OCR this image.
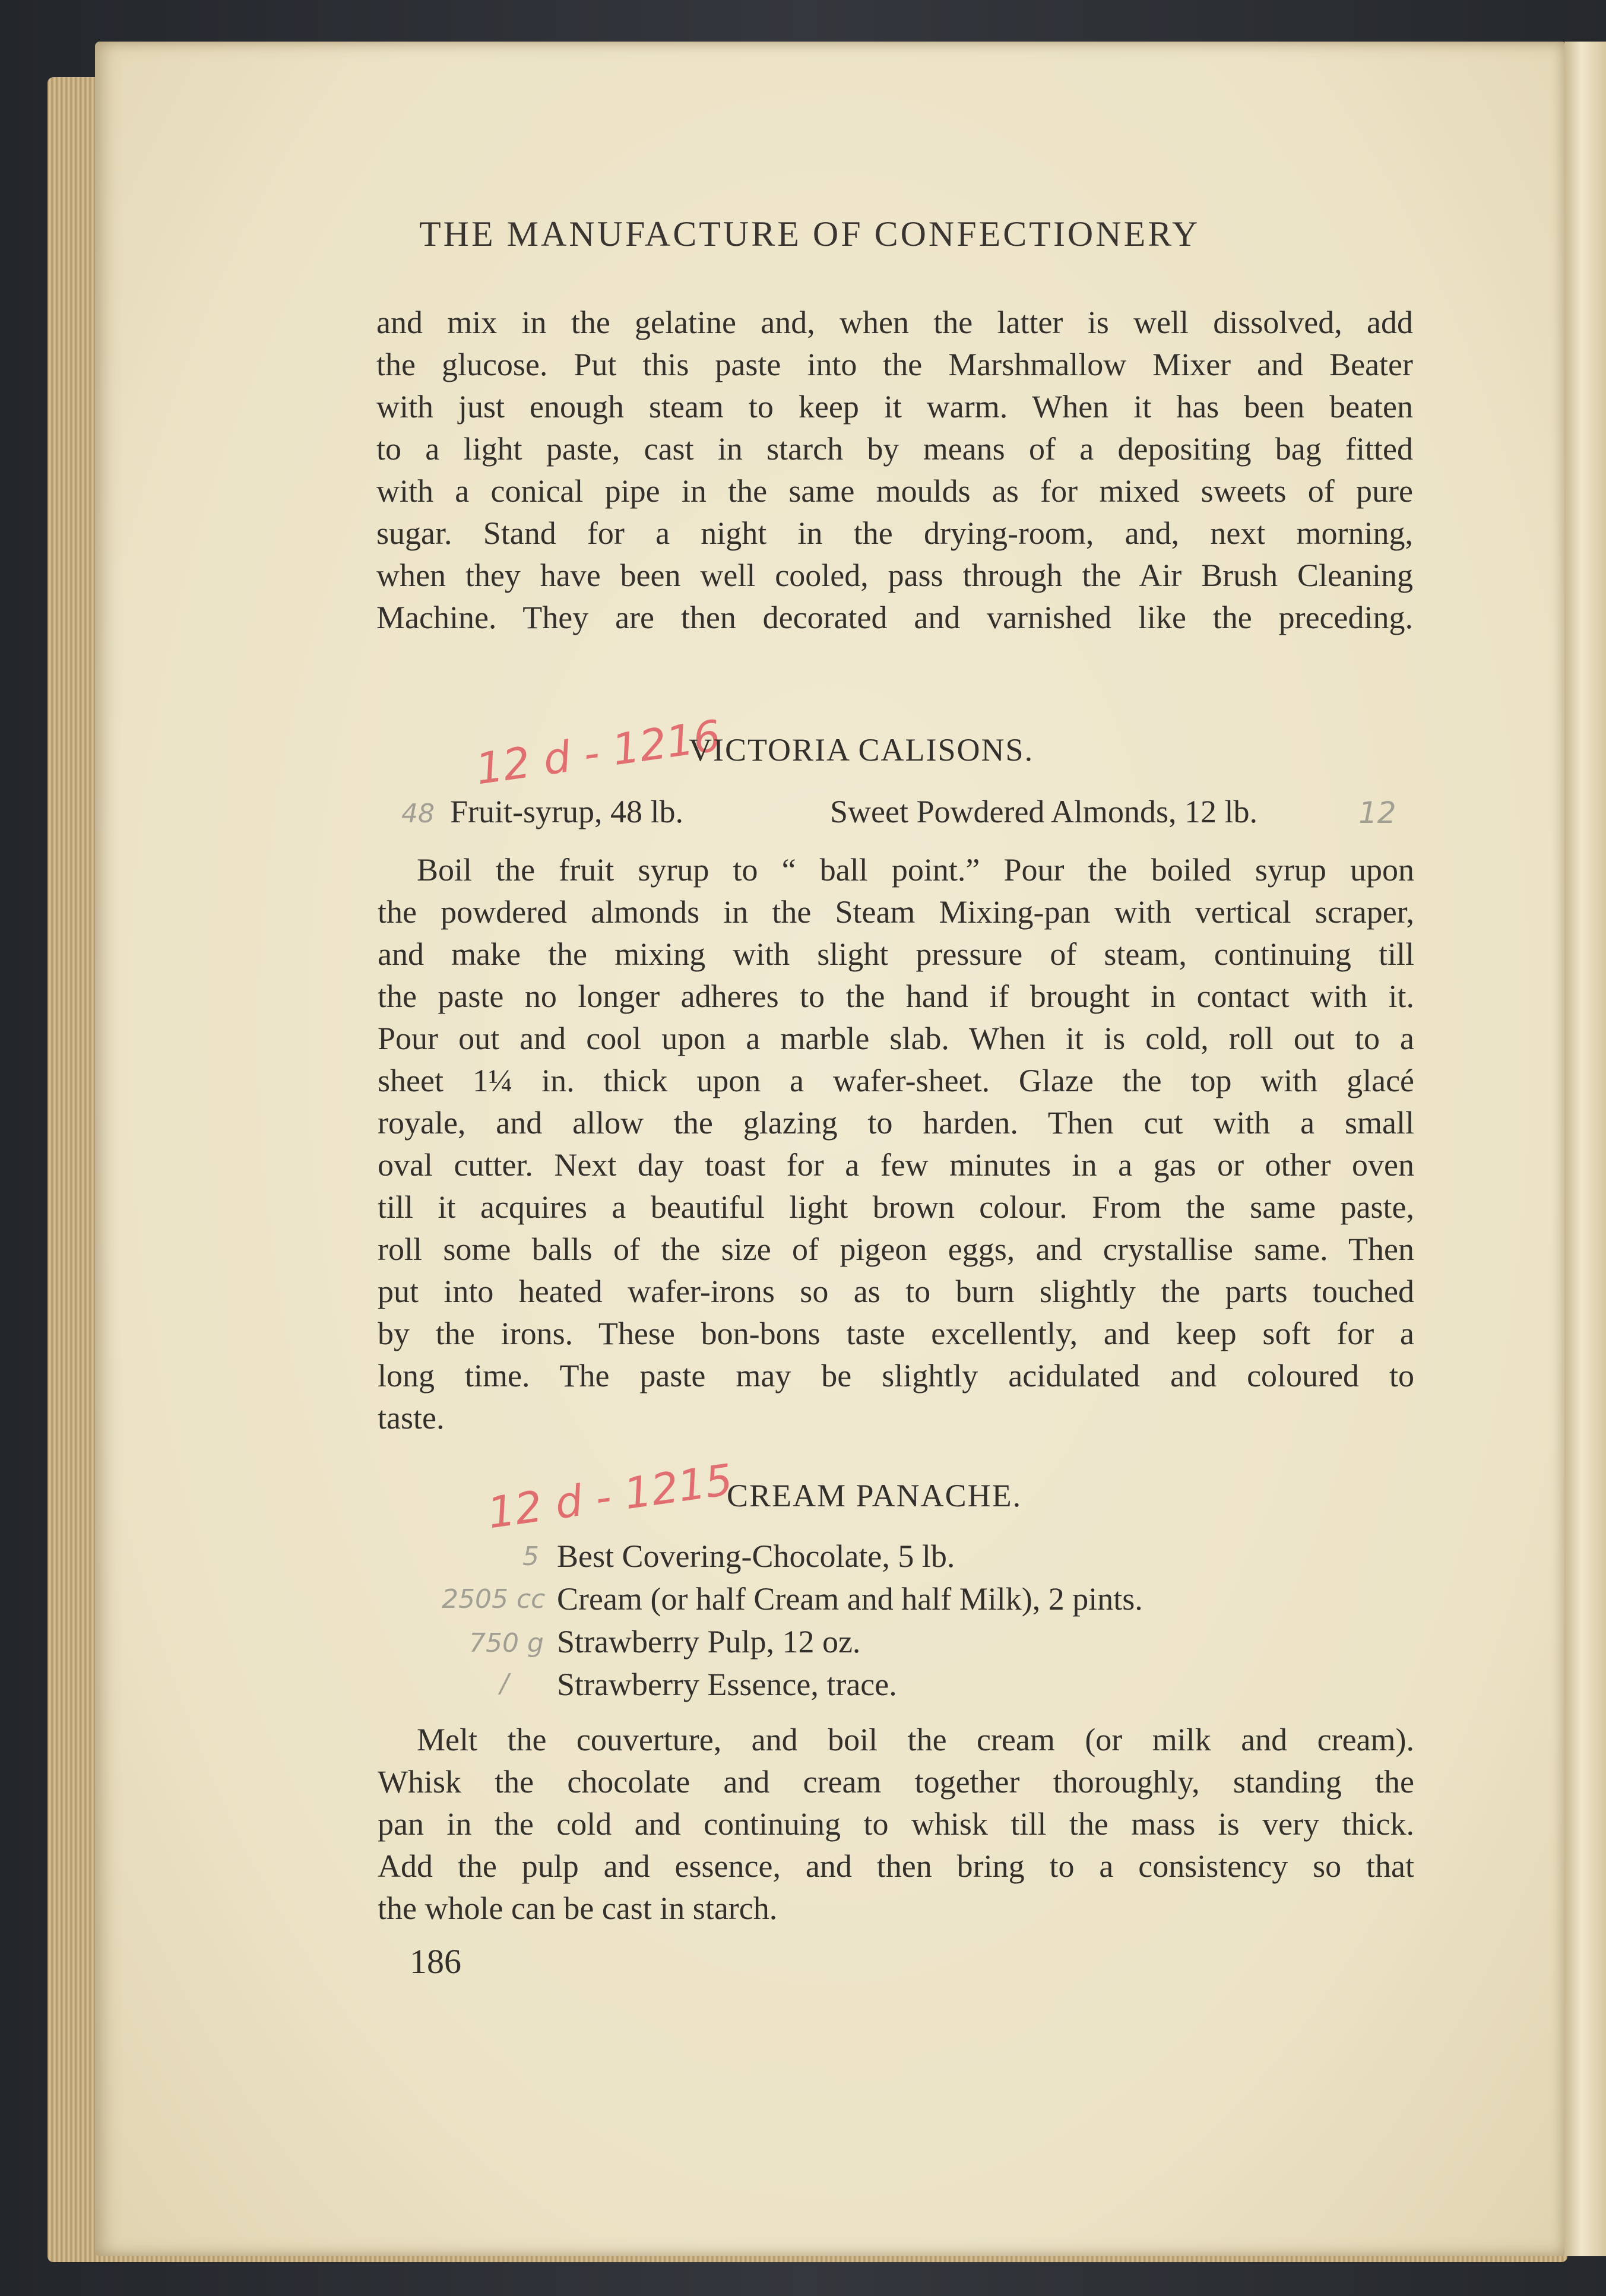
THE MANUFACTURE OF CONFECTIONERY
and mix in the gelatine and, when the latter is well dissolved, add
the glucose. Put this paste into the Marshmallow Mixer and Beater
with just enough steam to keep it warm. When it has been beaten
to a light paste, cast in starch by means of a depositing bag fitted
with a conical pipe in the same moulds as for mixed sweets of pure
sugar. Stand for a night in the drying-room, and, next morning,
when they have been well cooled, pass through the Air Brush Cleaning
Machine. They are then decorated and varnished like the preceding.
12 d - 1216
VICTORIA CALISONS.
48 Fruit-syrup, 48 lb.	Sweet Powdered Almonds, 12 lb.	12
Boil the fruit syrup to “ ball point.” Pour the boiled syrup upon
the powdered almonds in the Steam Mixing-pan with vertical scraper,
and make the mixing with slight pressure of steam, continuing till
the paste no longer adheres to the hand if brought in contact with it.
Pour out and cool upon a marble slab. When it is cold, roll out to a
sheet 1¼ in. thick upon a wafer-sheet. Glaze the top with glacé
royale, and allow the glazing to harden. Then cut with a small
oval cutter. Next day toast for a few minutes in a gas or other oven
till it acquires a beautiful light brown colour. From the same paste,
roll some balls of the size of pigeon eggs, and crystallise same. Then
put into heated wafer-irons so as to burn slightly the parts touched
by the irons. These bon-bons taste excellently, and keep soft for a
long time. The paste may be slightly acidulated and coloured to
taste.
12 d - 1215
CREAM PANACHE.
5
2505 cc
750 g
/
Best Covering-Chocolate, 5 lb.
Cream (or half Cream and half Milk), 2 pints.
Strawberry Pulp, 12 oz.
Strawberry Essence, trace.
Melt the couverture, and boil the cream (or milk and cream).
Whisk the chocolate and cream together thoroughly, standing the
pan in the cold and continuing to whisk till the mass is very thick.
Add the pulp and essence, and then bring to a consistency so that
the whole can be cast in starch.
186
